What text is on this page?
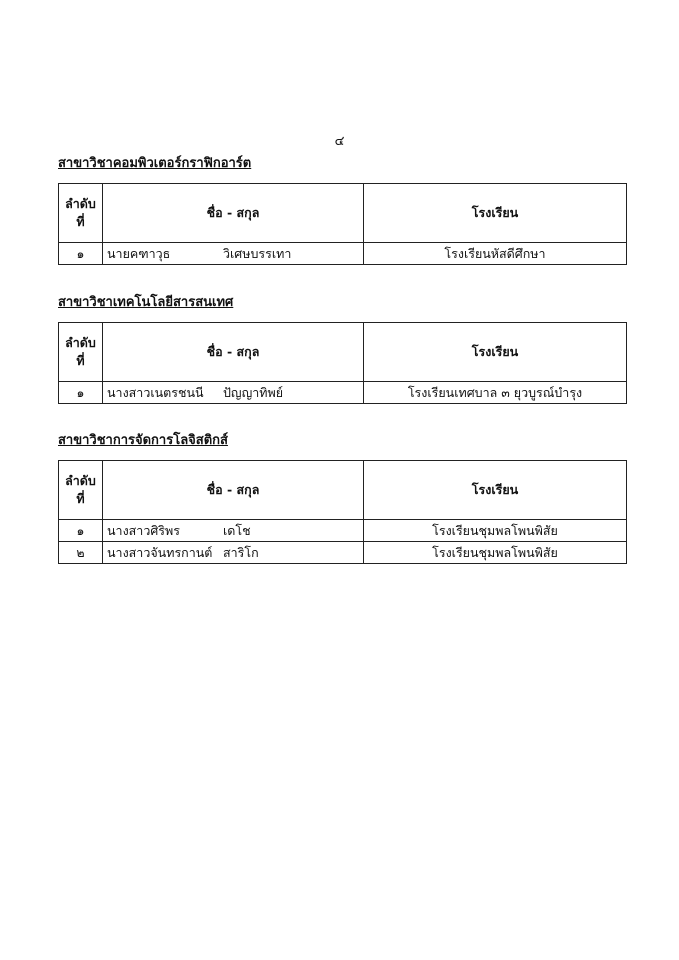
๔
สาขาวิชาคอมพิวเตอร์กราฟิกอาร์ต
ลำดับ
ที่	ชื่อ - สกุล	โรงเรียน
๑	นายคฑาวุธ วิเศษบรรเทา	โรงเรียนหัสดีศึกษา
สาขาวิชาเทคโนโลยีสารสนเทศ
ลำดับ
ที่	ชื่อ - สกุล	โรงเรียน
๑	นางสาวเนตรชนนี ปัญญาทิพย์	โรงเรียนเทศบาล ๓ ยุวบูรณ์บำรุง
สาขาวิชาการจัดการโลจิสติกส์
ลำดับ
ที่	ชื่อ - สกุล	โรงเรียน
๑	นางสาวศิริพร เดโช	โรงเรียนชุมพลโพนพิสัย
๒	นางสาวจันทรกานต์ สาริโก	โรงเรียนชุมพลโพนพิสัย
